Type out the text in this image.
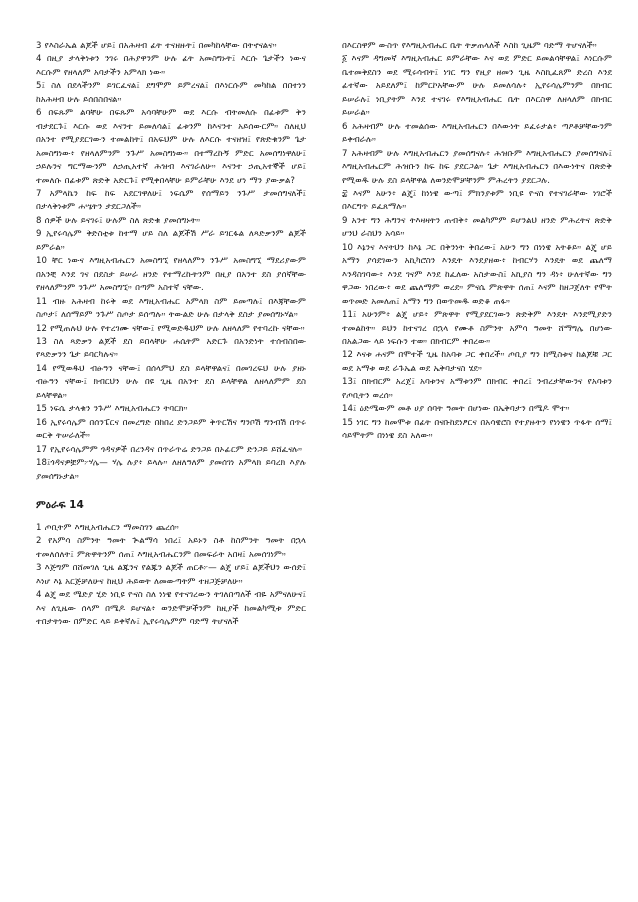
3 የእስራኤል ልጆች ሆይ፤ በአሕዛብ ፊት ተናዘዙት፤ በመካከላቸው በትኖናልና።

4 በዚያ ታላቅነቱን ንገሩ በሕያዋንም ሁሉ ፊት አመስግኑት፤ እርሱ ጌታችን ነውና እርሱም የዘላለም አባታችን አምላክ ነው።

5፤ ስለ በደላችንም ይገርፈናል፤ ደግሞም ይምረናል፤ በእነርሱም መካከል በበተነን ከአሕዛብ ሁሉ ይሰበስበናል።

6 በፍጹም ልባቸሁ በፍጹም አሳባቸሁም ወደ እርሱ ብትመለሱ በፊቱም ቅን ብታደርጉ፤ እርሱ ወደ እናንተ ይመለሳል፤ ፊቱንም ከእናንተ አይሰውርም። ስለዚህ በአንተ የሚያደርገውን ተመልከት፤ በአፍህም ሁሉ ለእርሱ ተናዘዝ፤ የጽድቁንም ጌታ አመስግነው፥ የዘላለምንም ንጉሥ አመስግነው። በተማረኩኝ ምድር አመሰግነዋለሁ፤ ኃይሉንና ግርማውንም ለኃጢአተኛ ሕዝብ እናገራለሁ። እናንተ ኃጢአተኞች ሆይ፤ ተመለሱ በፊቱም ጽድቅ አድርጉ፤ የሚቀበላቸሁ ይምራቸሁ እንደ ሆነ ማን ያውቃል?

7 አምላኬን ከፍ ከፍ አደርገዋለሁ፤ ነፍሴም የሰማይን ንጉሥ ታመሰግናለች፤ በታላቅነቱም ሐሤትን ታደርጋለች።

8 ሰዎች ሁሉ ይናገሩ፤ ሁሉም ስለ ጽድቁ ያመሰግኑት።

9 ኢየሩሳሌም ቅድስቲቱ ከተማ ሆይ ስለ ልጆችሽ ሥራ ይገርፋል ለጻድቃንም ልጆች ይምራል።

10 ቸር ነውና እግዚአብሔርን አመስግኚ የዘላለምን ንጉሥ አመስግኚ ማደሪያውም በአንቺ እንደ ገና በደስታ ይሠራ ዘንድ የተማረኩትንም በዚያ በአንተ ደስ ያሰኛቸው የዘላለምንም ንጉሥ አመስግኚ። በጣም አስተኛ ናቸው.

11 ብዙ አሕዛብ ከሩቅ ወደ እግዚአብሔር አምላክ ስም ይመጣሉ፤ በእጃቸውም ስጦታ፣ ለሰማይም ንጉሥ ስጦታ ይሰጣሉ። ትውልድ ሁሉ በታላቅ ደስታ ያመሰግኑሃል።

12 የሚጠሉህ ሁሉ የተረገሙ ናቸው፤ የሚወድዱህም ሁሉ ለዘላለም የተባረኩ ናቸው።

13 ስለ ጻድቃን ልጆች ደስ ይበላቸሁ ሐሴትም አድርጉ በአንድነት ተሰብስበው የጻድቃንን ጌታ ይባርካሉና።

14 የሚወዱህ ብፁዓን ናቸው፤ በሰላምህ ደስ ይላቸዋልና፤ በመገረፍህ ሁሉ ያዘኑ ብፁዓን ናቸው፤ ክብርህን ሁሉ በዩ ጊዜ በአንተ ደስ ይላቸዋል ለዘላለምም ደስ ይላቸዋል።

15 ነፍሴ ታላቁን ንጉሥ እግዚአብሔርን ትባርክ።

16 ኢየሩሳሌም በሰንፔርና በመረግድ በከበረ ድንጋይም ቅጥርሽና ግንቦሽ ግንብሽ በጥሩ ወርቅ ትሠራለች።

17 የኢየሩሳሌምም ጎዳናዎች በረንዳና በጥራጥሬ ድንጋይ በኦፊርም ድንጋይ ይሸፈናሉ።

18፤ጎዳናዎቿም፦ሃሌ— ሃሌ ሉያ፥ ይላሉ። ለዘለዓለም ያመሰገነ አምላክ ይባረክ እያሉ ያመሰግኑታል።

ምዕራፍ 14

1 ጦቢትም እግዚአብሔርን ማመስገን ጨረሰ።

2 የአምሳ ስምንት ዓመት ጒልማሳ ነበረ፤ አይኑን ስቶ ከስምንት ዓመት በኋላ ተመለሰለት፤ ምጽዋትንም ሰጠ፤ እግዚአብሔርንም በመፍራት አበዛ፤ አመሰገነም።

3 እጅግም በሸመገለ ጊዜ ልጁንና የልጁን ልጆች ጠርቶ፦— ልጄ ሆይ፤ ልጆችህን ውሰድ፤ እነሆ እኔ አርጅቻለሁና ከዚህ ሕይወት ለመውጣትም ተዘጋጅቻለሁ።

4 ልጄ ወደ ሜድያ ሂድ ነቢዩ ዮናስ ስለ ነነዌ የተናገረውን ትገለበጣለች ብዬ አምናለሁና፤ እና ለጊዜው ሰላም በሜዶ ይሆናል፥ ወንድሞቻችንም ከዚያች ከመልካሚቱ ምድር ተበታትነው በምድር ላይ ይቀኛሉ፤ ኢየሩሳሌምም ባድማ ትሆናለች

በእርስዋም ውስጥ የእግዚአብሔር ቤት ትቃጠላለች እስከ ጊዜም ባድማ ትሆናለች።

፩ እናም ዳግመኛ እግዚአብሔር ይምራቸው እና ወደ ምድር ይመልሳቸዋል፤ እነርሱም ቤተመቅደስን ወደ ሚሩሳብት፤ ነገር ግን የዚያ ዘመን ጊዜ እስኪፈጸም ድረስ እንደ ፊተኛው አይደለም፤ ከምርኮአቸውም ሁሉ ይመለሳሉ፥ ኢየሩሳሌምንም በክብር ይሠራሉ፤ ነቢያትም እንደ ተናገሩ የእግዚአብሔር ቤት በእርስዋ ለዘላለም በክብር ይሠራል።

6 አሕዛብም ሁሉ ተመልሰው እግዚአብሔርን በእውነት ይፈሩታል፥ ጣዖቶቻቸውንም ይቀብራሉ።

7 አሕዛብም ሁሉ እግዚአብሔርን ያመሰግናሉ፥ ሕዝቡም እግዚአብሔርን ያመሰግናሉ፤ እግዚአብሔርም ሕዝቡን ከፍ ከፍ ያደርጋል። ጌታ እግዚአብሔርን በእውነትና በጽድቅ የሚወዱ ሁሉ ደስ ይላቸዋል ለወንድሞቻቸንም ምሕረትን ያደርጋሉ.

፰ እናም አሁን፥ ልጄ፤ ከነነዌ ውጣ፤ ምክንያቱም ነቢዩ ዮናስ የተናገራቸው ነገሮች በእርግጥ ይፈጸማሉ።

9 አንተ ግን ሕግንና ትእዛዛትን ጠብቅ፥ መልካምም ይሆንልህ ዘንድ ምሕረትና ጽድቅ ሆንህ ራስህን አሳይ።

10 እኔንና እናትህን ከእኔ ጋር በቅንነት ቅበረው፤ አሁን ግን በነነዌ አትቆይ። ልጄ ሆይ አማን ያሳደገውን አኪካሮስን እንዴት እንደያዘው፥ ከብርሃን እንዴት ወደ ጨለማ እንዳስገባው፥ እንደ ገናም እንደ ከፈለው አስታውስ፤ አኪያስ ግን ዳነ፥ ሁለተኛው ግን ዋጋው ነበረው፥ ወደ ጨለማም ወረደ። ምናሴ ምጽዋት ሰጠ፤ እናም ከዘጋጀለት የሞት ወጥመድ አመለጠ፤ አማን ግን በወጥመዱ ወድቆ ጠፋ።

11፤ አሁንም፥ ልጄ ሆይ፥ ምጽዋት የሚያደርገውን ጽድቅም እንዴት እንደሚያድን ተመልከት። ይህን ከተናገረ በኋላ የሙቶ ስምንት አምሳ ዓመት ሸማግሌ በሆነው በአልጋው ላይ ነፍሱን ተወ። በክብርም ቀበረው።

12 እናቱ ሐናም በሞተች ጊዜ ከአባቱ ጋር ቀበረች። ጦቢያ ግን ከሚስቱና ከልጆቹ ጋር ወደ አማቱ ወደ ራጉኤል ወደ ኤቅባታናስ ሄደ።

13፤ በክብርም አረጀ፤ አባቱንና አማቱንም በክብር ቀበረ፤ ንብረታቸውንና የአባቱን የጦቢትን ወረሰ።

14፤ ዕድሜውም መቶ ሀያ ሰባት ዓመት በሆነው በኤቅባታን በሜዶ ሞተ።

15 ነገር ግን ከመሞቱ በፊት በናቡከደነፆርና በአሳዌሮስ የተያዙትን የነነዌን ጥፋት ሰማ፤ ሳይሞትም በነነዌ ደስ አለው።
